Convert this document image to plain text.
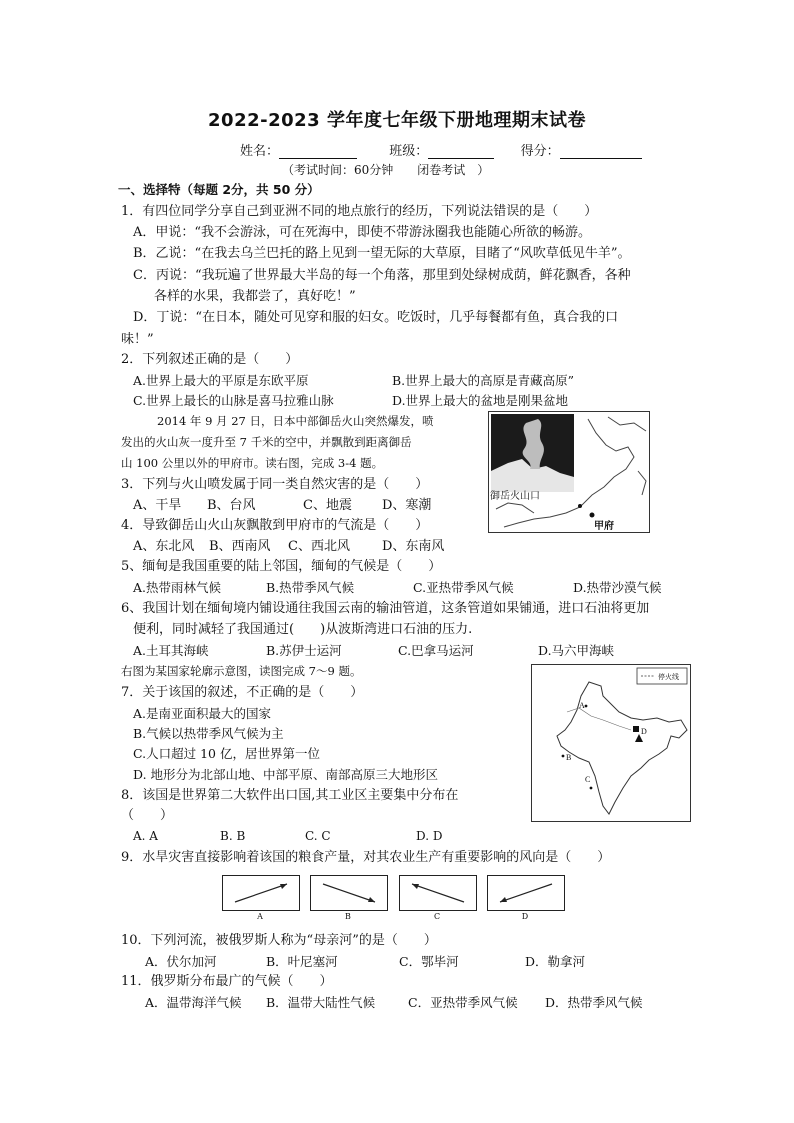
2022-2023 学年度七年级下册地理期末试卷
姓名：	班级：	得分：
（考试时间：60分钟　　闭卷考试　）
一、选择特（每题 2分，共 50 分）
1．有四位同学分享自己到亚洲不同的地点旅行的经历，下列说法错误的是（　　）
A．甲说：“我不会游泳，可在死海中，即使不带游泳圈我也能随心所欲的畅游。
B．乙说：“在我去乌兰巴托的路上见到一望无际的大草原，目睹了“风吹草低见牛羊”。
C．丙说：“我玩遍了世界最大半岛的每一个角落，那里到处绿树成荫，鲜花飘香，各种
各样的水果，我都尝了，真好吃！”
D．丁说：“在日本，随处可见穿和服的妇女。吃饭时，几乎每餐都有鱼，真合我的口
味！”
2．下列叙述正确的是（　　）
A.世界上最大的平原是东欧平原	B.世界上最大的高原是青藏高原”
C.世界上最长的山脉是喜马拉雅山脉	D.世界上最大的盆地是刚果盆地
2014 年 9 月 27 日，日本中部御岳火山突然爆发，喷
发出的火山灰一度升至 7 千米的空中，并飘散到距离御岳
山 100 公里以外的甲府市。读右图，完成 3-4 题。
御岳火山口
甲府
3．下列与火山喷发属于同一类自然灾害的是（　　）
A、干旱 B、台风	C、地震 D、寒潮
4．导致御岳山火山灰飘散到甲府市的气流是（　　）
A、东北风 B、西南风 C、西北风 D、东南风
5、缅甸是我国重要的陆上邻国，缅甸的气候是（　　）
A.热带雨林气候	B.热带季风气候	C.亚热带季风气候	D.热带沙漠气候
6、我国计划在缅甸境内铺设通往我国云南的输油管道，这条管道如果铺通，进口石油将更加
便利，同时减轻了我国通过(　　)从波斯湾进口石油的压力.
A.土耳其海峡	B.苏伊士运河	C.巴拿马运河	D.马六甲海峡
右图为某国家轮廓示意图，读图完成 7～9 题。	停火线
A
B
C
D
7．关于该国的叙述，不正确的是（　　）
A.是南亚面积最大的国家
B.气候以热带季风气候为主
C.人口超过 10 亿，居世界第一位
D. 地形分为北部山地、中部平原、南部高原三大地形区
8．该国是世界第二大软件出口国,其工业区主要集中分布在
（　　）
A. A	B. B	C. C	D. D
9．水旱灾害直接影响着该国的粮食产量，对其农业生产有重要影响的风向是（　　）
A	B	C	D
10．下列河流，被俄罗斯人称为“母亲河”的是（　　）
A．伏尔加河	B．叶尼塞河	C．鄂毕河	D．勒拿河
11．俄罗斯分布最广的气候（　　）
A．温带海洋气候 B．温带大陆性气候	C．亚热带季风气候 D．热带季风气候
